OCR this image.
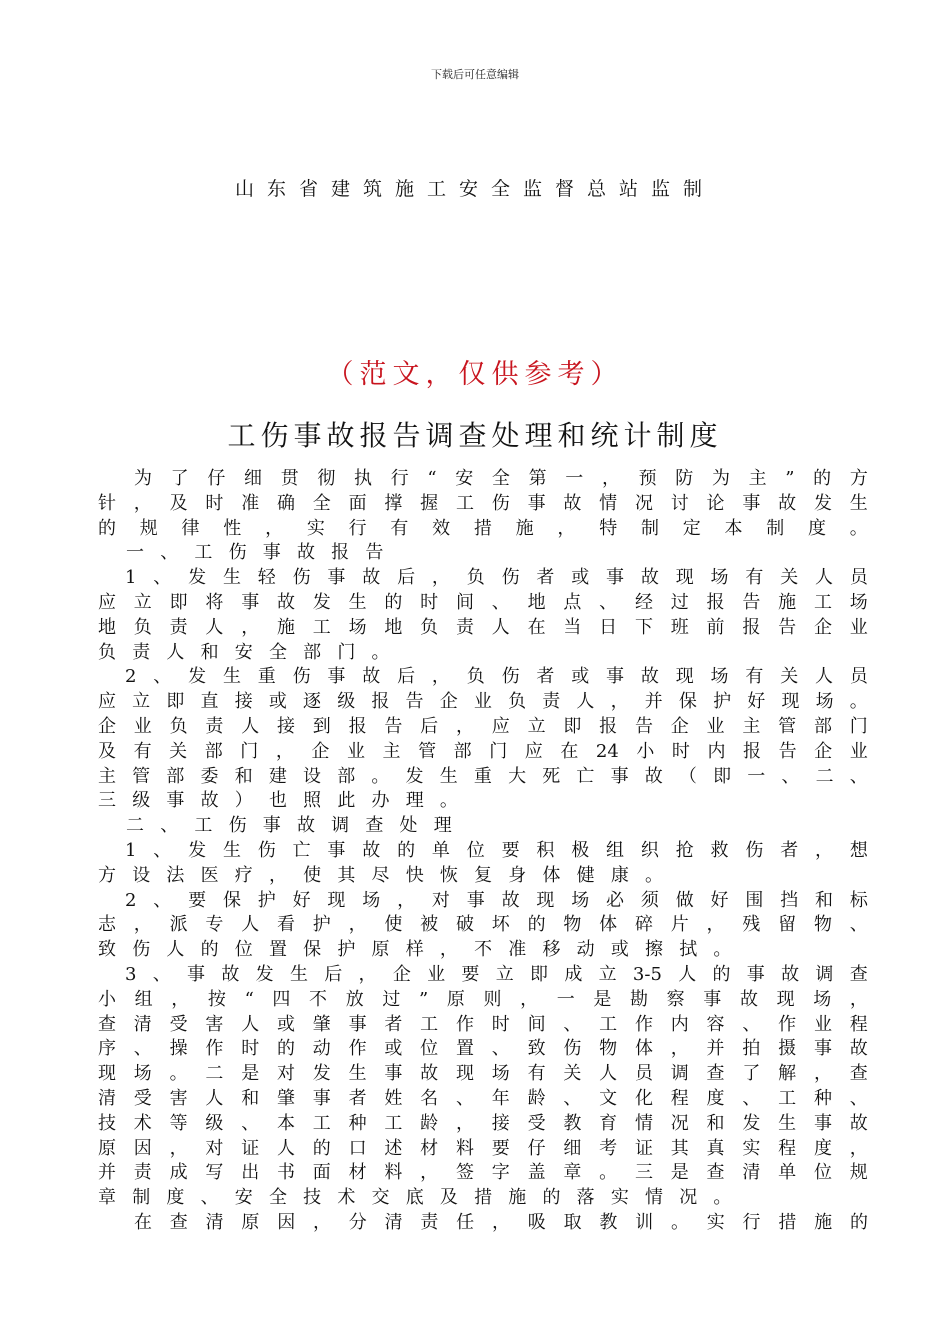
下载后可任意编辑
山东省建筑施工安全监督总站监制
（范文，仅供参考）
工伤事故报告调查处理和统计制度
为 了 仔 细 贯 彻 执 行 “ 安 全 第 一 ， 预 防 为 主 ” 的 方
针 ， 及 时 准 确 全 面 撑 握 工 伤 事 故 情 况 讨 论 事 故 发 生
的 规 律 性 ， 实 行 有 效 措 施 ， 特 制 定 本 制 度 。
一 、 工 伤 事 故 报 告
1 、 发 生 轻 伤 事 故 后 ， 负 伤 者 或 事 故 现 场 有 关 人 员
应 立 即 将 事 故 发 生 的 时 间 、 地 点 、 经 过 报 告 施 工 场
地 负 责 人 ， 施 工 场 地 负 责 人 在 当 日 下 班 前 报 告 企 业
负 责 人 和 安 全 部 门 。
2 、 发 生 重 伤 事 故 后 ， 负 伤 者 或 事 故 现 场 有 关 人 员
应 立 即 直 接 或 逐 级 报 告 企 业 负 责 人 ， 并 保 护 好 现 场 。
企 业 负 责 人 接 到 报 告 后 ， 应 立 即 报 告 企 业 主 管 部 门
及 有 关 部 门 ， 企 业 主 管 部 门 应 在 24 小 时 内 报 告 企 业
主 管 部 委 和 建 设 部 。 发 生 重 大 死 亡 事 故 （ 即 一 、 二 、
三 级 事 故 ） 也 照 此 办 理 。
二 、 工 伤 事 故 调 查 处 理
1 、 发 生 伤 亡 事 故 的 单 位 要 积 极 组 织 抢 救 伤 者 ， 想
方 设 法 医 疗 ， 使 其 尽 快 恢 复 身 体 健 康 。
2 、 要 保 护 好 现 场 ， 对 事 故 现 场 必 须 做 好 围 挡 和 标
志 ， 派 专 人 看 护 ， 使 被 破 坏 的 物 体 碎 片 ， 残 留 物 、
致 伤 人 的 位 置 保 护 原 样 ， 不 准 移 动 或 擦 拭 。
3 、 事 故 发 生 后 ， 企 业 要 立 即 成 立 3-5 人 的 事 故 调 查
小 组 ， 按 “ 四 不 放 过 ” 原 则 ， 一 是 勘 察 事 故 现 场 ，
查 清 受 害 人 或 肇 事 者 工 作 时 间 、 工 作 内 容 、 作 业 程
序 、 操 作 时 的 动 作 或 位 置 、 致 伤 物 体 ， 并 拍 摄 事 故
现 场 。 二 是 对 发 生 事 故 现 场 有 关 人 员 调 查 了 解 ， 查
清 受 害 人 和 肇 事 者 姓 名 、 年 龄 、 文 化 程 度 、 工 种 、
技 术 等 级 、 本 工 种 工 龄 ， 接 受 教 育 情 况 和 发 生 事 故
原 因 ， 对 证 人 的 口 述 材 料 要 仔 细 考 证 其 真 实 程 度 ，
并 责 成 写 出 书 面 材 料 ， 签 字 盖 章 。 三 是 查 清 单 位 规
章 制 度 、 安 全 技 术 交 底 及 措 施 的 落 实 情 况 。
在 查 清 原 因 ， 分 清 责 任 ， 吸 取 教 训 。 实 行 措 施 的
